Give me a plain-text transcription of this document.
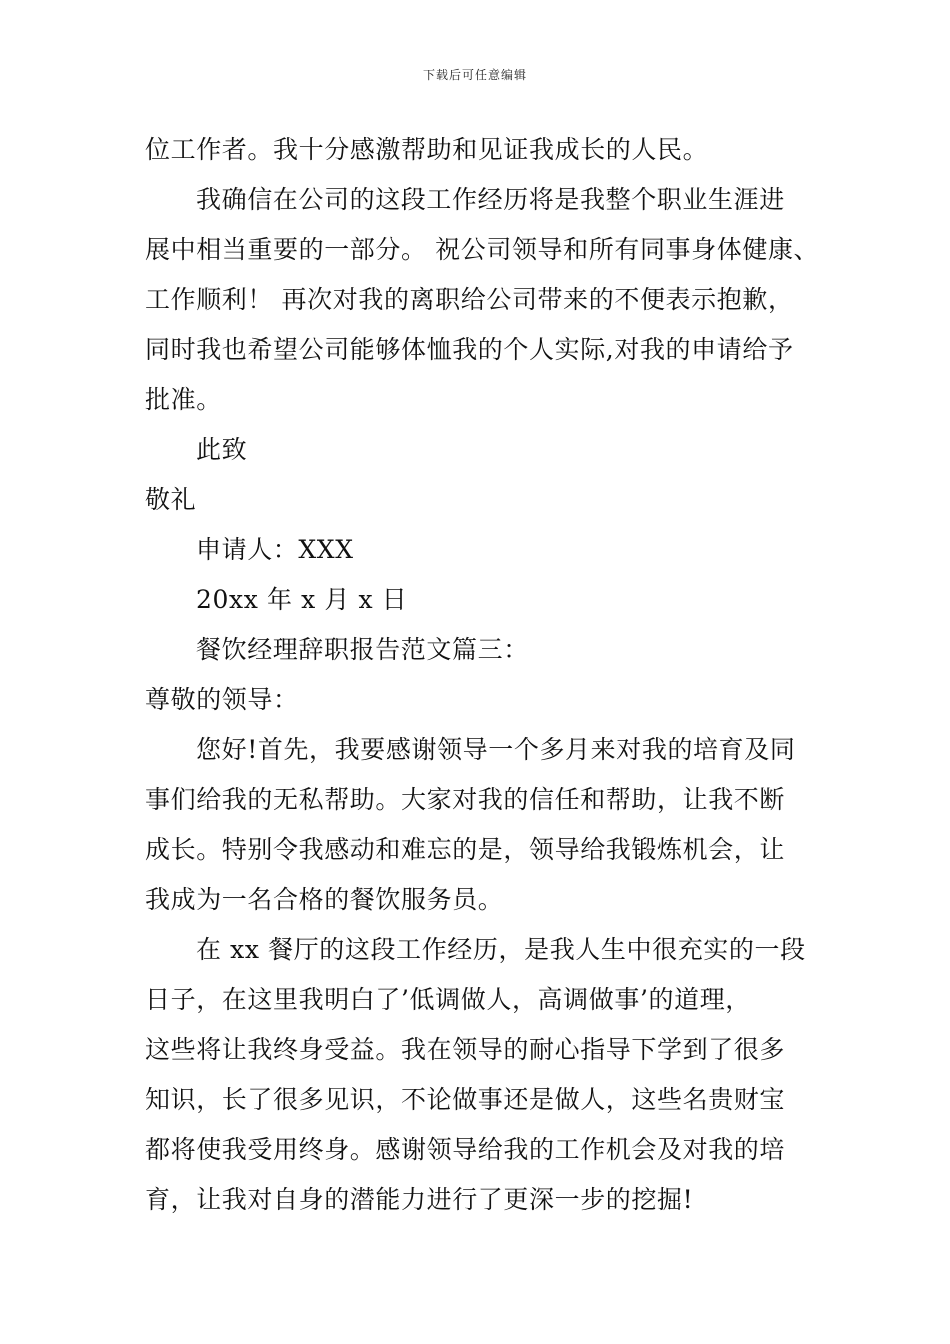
下载后可任意编辑
位工作者。我十分感激帮助和见证我成长的人民。
我确信在公司的这段工作经历将是我整个职业生涯进
展中相当重要的一部分。 祝公司领导和所有同事身体健康、
工作顺利！ 再次对我的离职给公司带来的不便表示抱歉，
同时我也希望公司能够体恤我的个人实际,对我的申请给予
批准。
此致
敬礼
申请人：XXX
20xx 年 x 月 x 日
餐饮经理辞职报告范文篇三：
尊敬的领导：
您好!首先，我要感谢领导一个多月来对我的培育及同
事们给我的无私帮助。大家对我的信任和帮助，让我不断
成长。特别令我感动和难忘的是，领导给我锻炼机会，让
我成为一名合格的餐饮服务员。
在 xx 餐厅的这段工作经历，是我人生中很充实的一段
日子，在这里我明白了’低调做人，高调做事’的道理，
这些将让我终身受益。我在领导的耐心指导下学到了很多
知识，长了很多见识，不论做事还是做人，这些名贵财宝
都将使我受用终身。感谢领导给我的工作机会及对我的培
育，让我对自身的潜能力进行了更深一步的挖掘!
